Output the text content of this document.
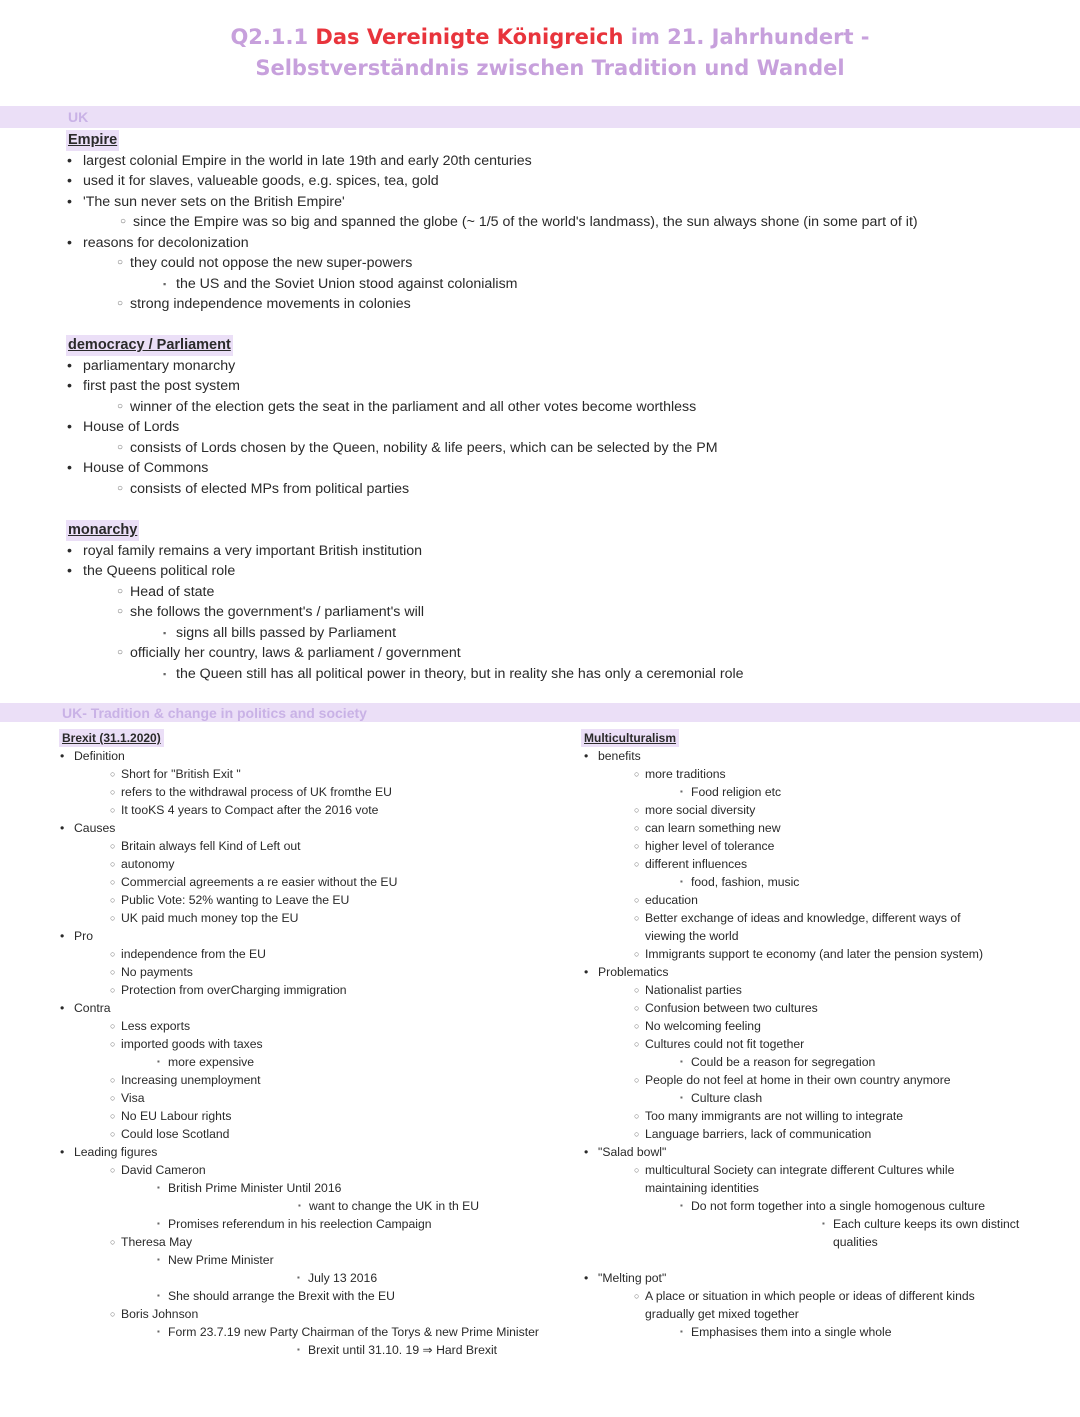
Q2.1.1 Das Vereinigte Königreich im 21. Jahrhundert -
Selbstverständnis zwischen Tradition und Wandel
UK
Empire
• largest colonial Empire in the world in late 19th and early 20th centuries
• used it for slaves, valueable goods, e.g. spices, tea, gold
• 'The sun never sets on the British Empire'
○ since the Empire was so big and spanned the globe (~ 1/5 of the world's landmass), the sun always shone (in some part of it)
• reasons for decolonization
○ they could not oppose the new super-powers
▪ the US and the Soviet Union stood against colonialism
○ strong independence movements in colonies
democracy / Parliament
• parliamentary monarchy
• first past the post system
○ winner of the election gets the seat in the parliament and all other votes become worthless
• House of Lords
○ consists of Lords chosen by the Queen, nobility & life peers, which can be selected by the PM
• House of Commons
○ consists of elected MPs from political parties
monarchy
• royal family remains a very important British institution
• the Queens political role
○ Head of state
○ she follows the government's / parliament's will
▪ signs all bills passed by Parliament
○ officially her country, laws & parliament / government
▪ the Queen still has all political power in theory, but in reality she has only a ceremonial role
UK- Tradition & change in politics and society
Brexit (31.1.2020)
• Definition
○ Short for "British Exit "
○ refers to the withdrawal process of UK fromthe EU
○ It tooKS 4 years to Compact after the 2016 vote
• Causes
○ Britain always fell Kind of Left out
○ autonomy
○ Commercial agreements a re easier without the EU
○ Public Vote: 52% wanting to Leave the EU
○ UK paid much money top the EU
• Pro
○ independence from the EU
○ No payments
○ Protection from overCharging immigration
• Contra
○ Less exports
○ imported goods with taxes
▪ more expensive
○ Increasing unemployment
○ Visa
○ No EU Labour rights
○ Could lose Scotland
• Leading figures
○ David Cameron
▪ British Prime Minister Until 2016
▪ want to change the UK in th EU
▪ Promises referendum in his reelection Campaign
○ Theresa May
▪ New Prime Minister
▪ July 13 2016
▪ She should arrange the Brexit with the EU
○ Boris Johnson
▪ Form 23.7.19 new Party Chairman of the Torys & new Prime Minister
▪ Brexit until 31.10. 19 ⇒ Hard Brexit
Multiculturalism
• benefits
○ more traditions
▪ Food religion etc
○ more social diversity
○ can learn something new
○ higher level of tolerance
○ different influences
▪ food, fashion, music
○ education
○ Better exchange of ideas and knowledge, different ways of
viewing the world
○ Immigrants support te economy (and later the pension system)
• Problematics
○ Nationalist parties
○ Confusion between two cultures
○ No welcoming feeling
○ Cultures could not fit together
▪ Could be a reason for segregation
○ People do not feel at home in their own country anymore
▪ Culture clash
○ Too many immigrants are not willing to integrate
○ Language barriers, lack of communication
• "Salad bowl"
○ multicultural Society can integrate different Cultures while
maintaining identities
▪ Do not form together into a single homogenous culture
▪ Each culture keeps its own distinct
qualities

• "Melting pot"
○ A place or situation in which people or ideas of different kinds
gradually get mixed together
▪ Emphasises them into a single whole
